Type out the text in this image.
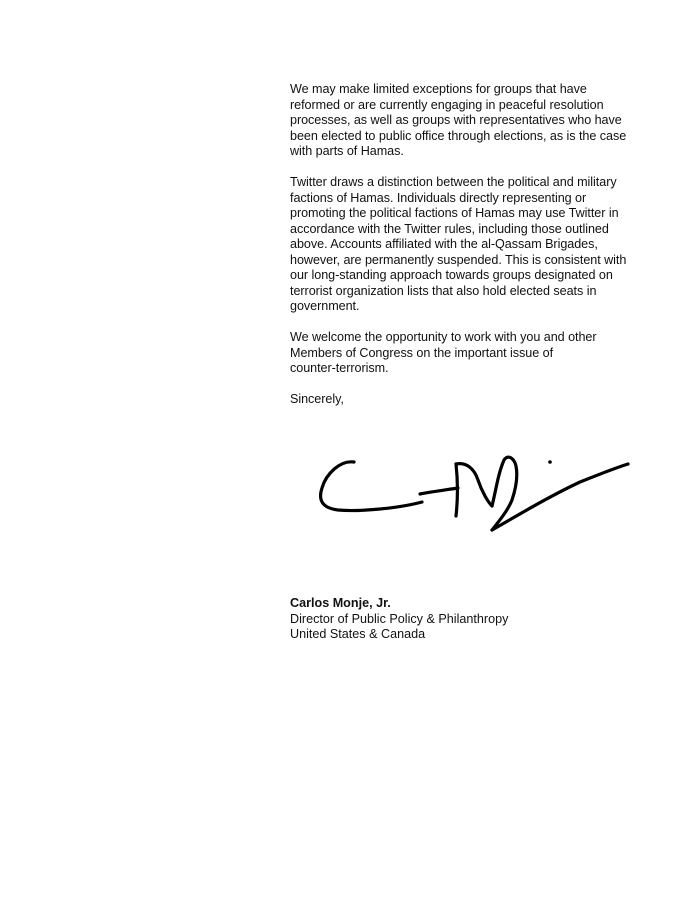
We may make limited exceptions for groups that have
reformed or are currently engaging in peaceful resolution
processes, as well as groups with representatives who have
been elected to public office through elections, as is the case
with parts of Hamas.

Twitter draws a distinction between the political and military
factions of Hamas. Individuals directly representing or
promoting the political factions of Hamas may use Twitter in
accordance with the Twitter rules, including those outlined
above. Accounts affiliated with the al-Qassam Brigades,
however, are permanently suspended. This is consistent with
our long-standing approach towards groups designated on
terrorist organization lists that also hold elected seats in
government.

We welcome the opportunity to work with you and other
Members of Congress on the important issue of
counter-terrorism.

Sincerely,

Carlos Monje, Jr.
Director of Public Policy & Philanthropy
United States & Canada
